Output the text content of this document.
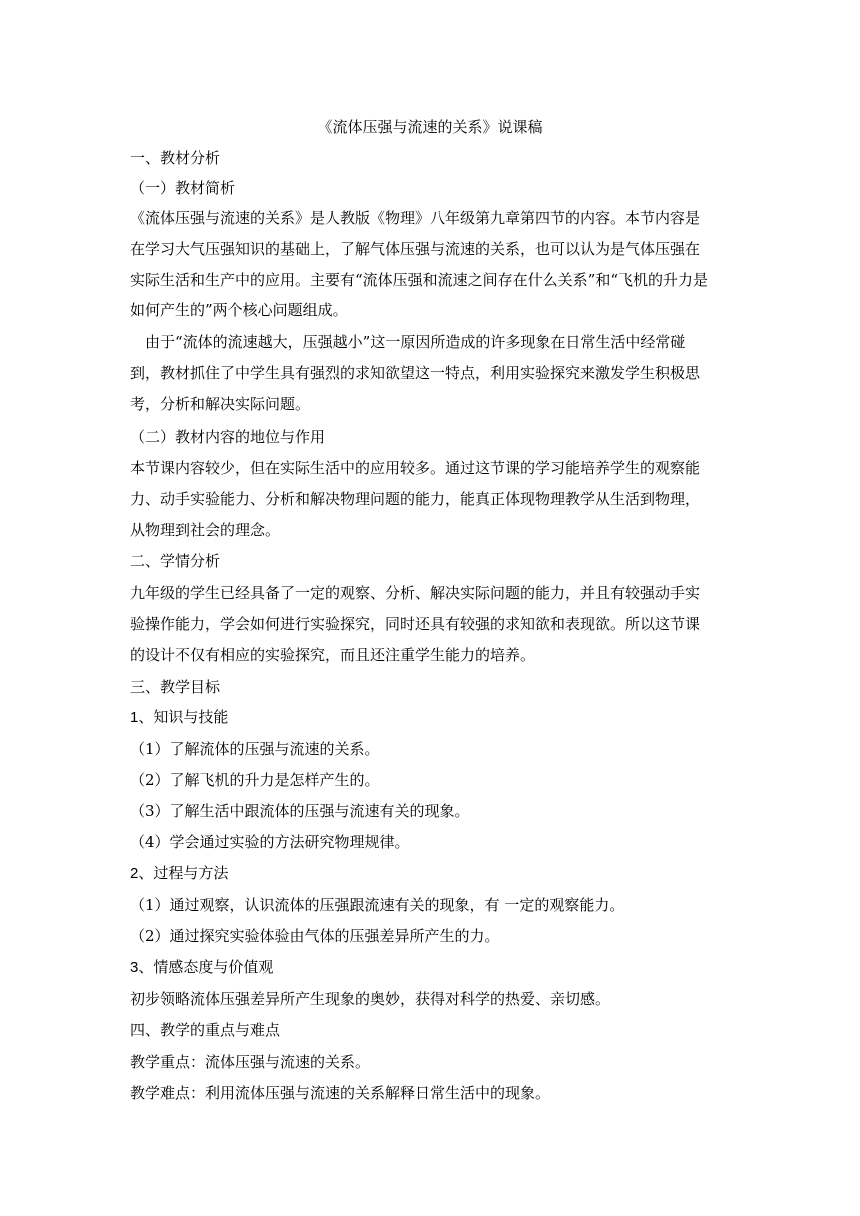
《流体压强与流速的关系》说课稿
一、教材分析
（一）教材简析
《流体压强与流速的关系》是人教版《物理》八年级第九章第四节的内容。本节内容是
在学习大气压强知识的基础上，了解气体压强与流速的关系，也可以认为是气体压强在
实际生活和生产中的应用。主要有“流体压强和流速之间存在什么关系”和“飞机的升力是
如何产生的”两个核心问题组成。
　由于“流体的流速越大，压强越小”这一原因所造成的许多现象在日常生活中经常碰
到，教材抓住了中学生具有强烈的求知欲望这一特点，利用实验探究来激发学生积极思
考，分析和解决实际问题。
（二）教材内容的地位与作用
本节课内容较少，但在实际生活中的应用较多。通过这节课的学习能培养学生的观察能
力、动手实验能力、分析和解决物理问题的能力，能真正体现物理教学从生活到物理，
从物理到社会的理念。
二、学情分析
九年级的学生已经具备了一定的观察、分析、解决实际问题的能力，并且有较强动手实
验操作能力，学会如何进行实验探究，同时还具有较强的求知欲和表现欲。所以这节课
的设计不仅有相应的实验探究，而且还注重学生能力的培养。
三、教学目标
1、知识与技能
（1）了解流体的压强与流速的关系。
（2）了解飞机的升力是怎样产生的。
（3）了解生活中跟流体的压强与流速有关的现象。
（4）学会通过实验的方法研究物理规律。
2、过程与方法
（1）通过观察，认识流体的压强跟流速有关的现象，有 一定的观察能力。
（2）通过探究实验体验由气体的压强差异所产生的力。
3、情感态度与价值观
初步领略流体压强差异所产生现象的奥妙，获得对科学的热爱、亲切感。
四、教学的重点与难点
教学重点：流体压强与流速的关系。
教学难点：利用流体压强与流速的关系解释日常生活中的现象。
